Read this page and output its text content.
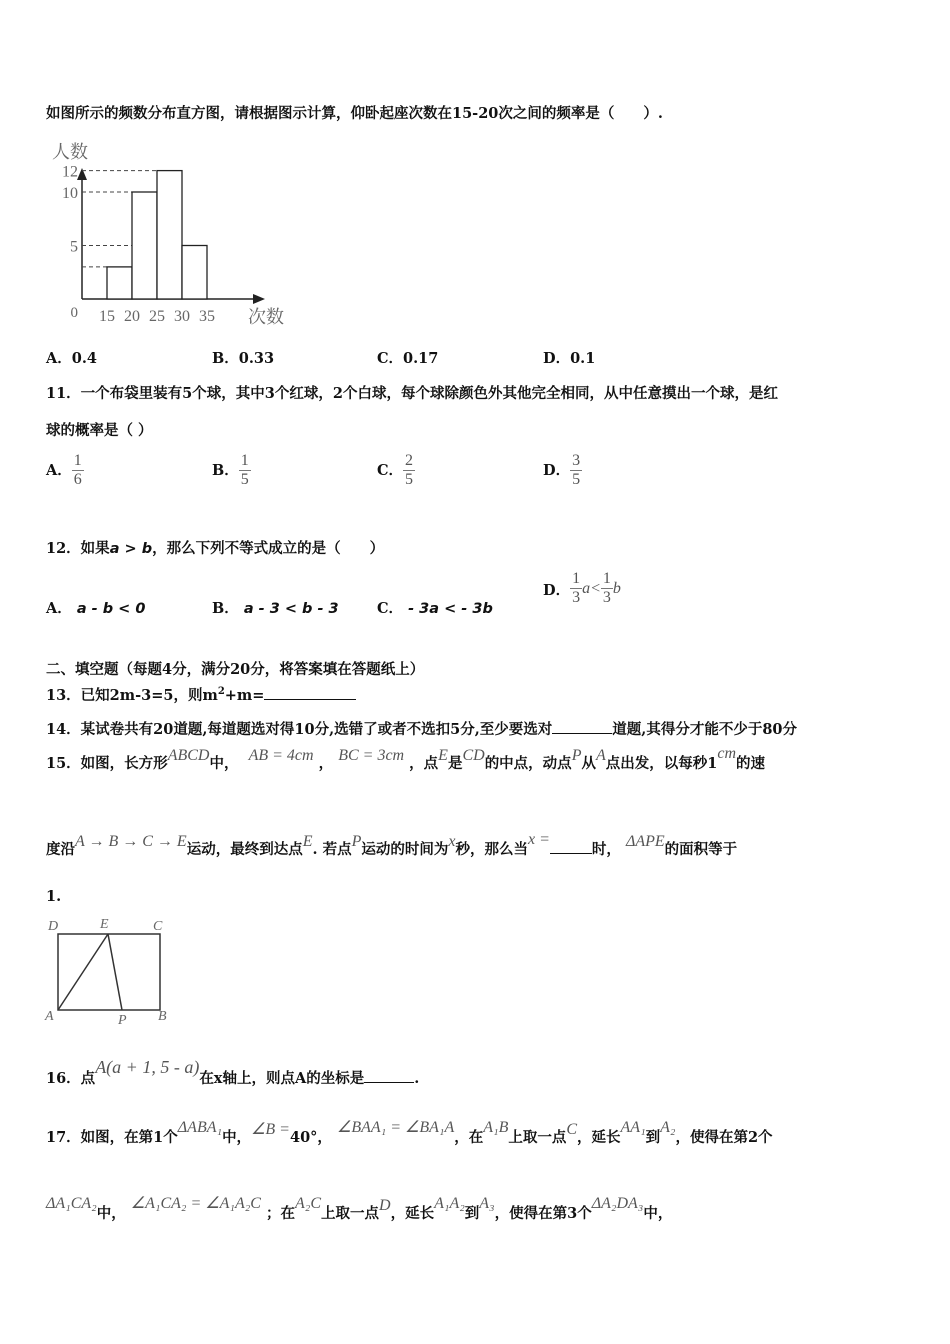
如图所示的频数分布直方图，请根据图示计算，仰卧起座次数在15-20次之间的频率是（　　）.
15 20 25 30 35
5
10
12
0
人数
次数
A．0.4	B．0.33	C．0.17	D．0.1
11．一个布袋里装有5个球，其中3个红球，2个白球，每个球除颜色外其他完全相同，从中任意摸出一个球，是红
球的概率是（ ）
A． $\frac{1}{6}$	B． $\frac{1}{5}$	C． $\frac{2}{5}$	D． $\frac{3}{5}$
12．如果a > b，那么下列不等式成立的是（　　）
A． a - b < 0	B． a - 3 < b - 3	C． - 3a < - 3b
D． $\frac{1}{3} a< \frac{1}{3}$ b
二、填空题（每题4分，满分20分，将答案填在答题纸上）
13．已知2m-3=5，则$m^2+m=$
14．某试卷共有20道题,每道题选对得10分,选错了或者不选扣5分,至少要选对	道题,其得分才能不少于80分
15．如图，长方形ABCD中， AB = 4cm ， BC = 3cm ，点E是CD的中点，动点P从A点出发，以每秒1cm的速
度沿A → B → C → E运动，最终到达点E. 若点P运动的时间为x秒，那么当x =时， ΔAPE的面积等于
1.
D	E	C
A	P B
16．点A(a + 1, 5 - a)在x轴上，则点A的坐标是	.
17．如图，在第1个ΔABA₁中，∠B =40°， ∠BAA₁ = ∠BA₁A，在A₁B上取一点C，延长AA₁到A₂，使得在第2个
ΔA₁CA₂中， ∠A₁CA₂ = ∠A₁A₂C ；在A₂C上取一点D，延长A₁A₂到A₃，使得在第3个ΔA₂DA₃中，
